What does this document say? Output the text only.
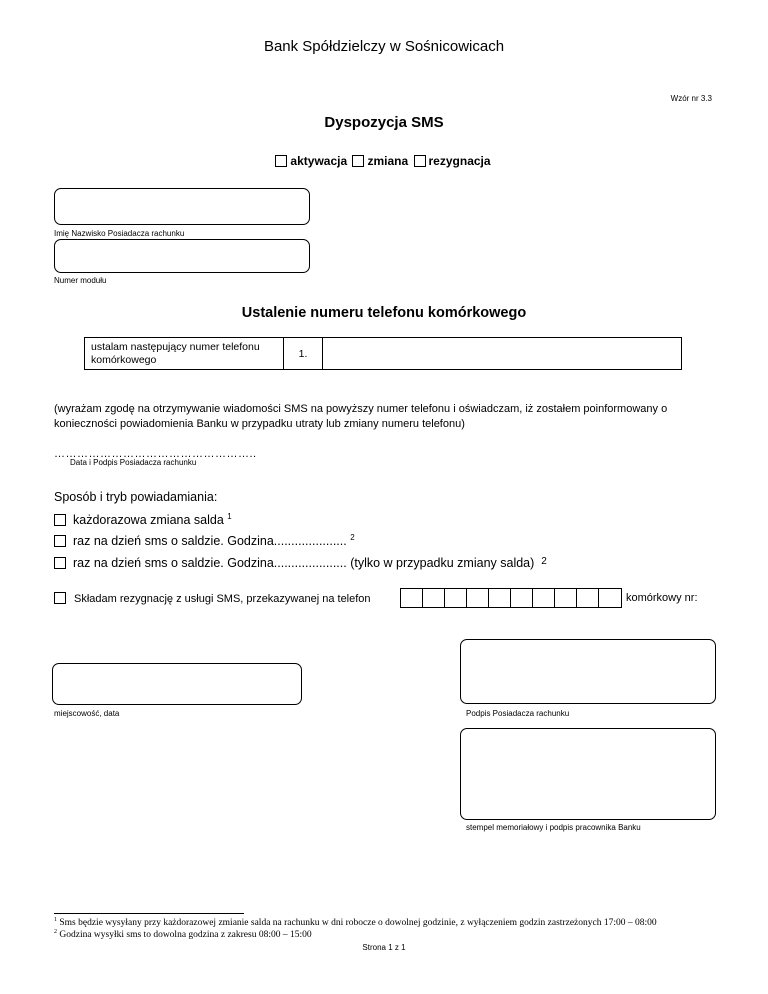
Bank Spółdzielczy w Sośnicowicach
Wzór nr 3.3
Dyspozycja SMS
aktywacja zmiana rezygnacja
Imię Nazwisko Posiadacza rachunku
Numer modułu
Ustalenie numeru telefonu komórkowego
ustalam następujący numer telefonu komórkowego	1.	
(wyrażam zgodę na otrzymywanie wiadomości SMS na powyższy numer telefonu i oświadczam, iż zostałem poinformowany o konieczności powiadomienia Banku w przypadku utraty lub zmiany numeru telefonu)
……………………………………………..
Data i Podpis Posiadacza rachunku
Sposób i tryb powiadamiania:
każdorazowa zmiana salda $^1$
raz na dzień sms o saldzie. Godzina..................... $^2$
raz na dzień sms o saldzie. Godzina..................... (tylko w przypadku zmiany salda) $^2$
Składam rezygnację z usługi SMS, przekazywanej na telefon	komórkowy nr:
miejscowość, data	Podpis Posiadacza rachunku
stempel memoriałowy i podpis pracownika Banku
$^1$ Sms będzie wysyłany przy każdorazowej zmianie salda na rachunku w dni robocze o dowolnej godzinie, z wyłączeniem godzin zastrzeżonych 17:00 – 08:00
$^2$ Godzina wysyłki sms to dowolna godzina z zakresu 08:00 – 15:00
Strona 1 z 1
